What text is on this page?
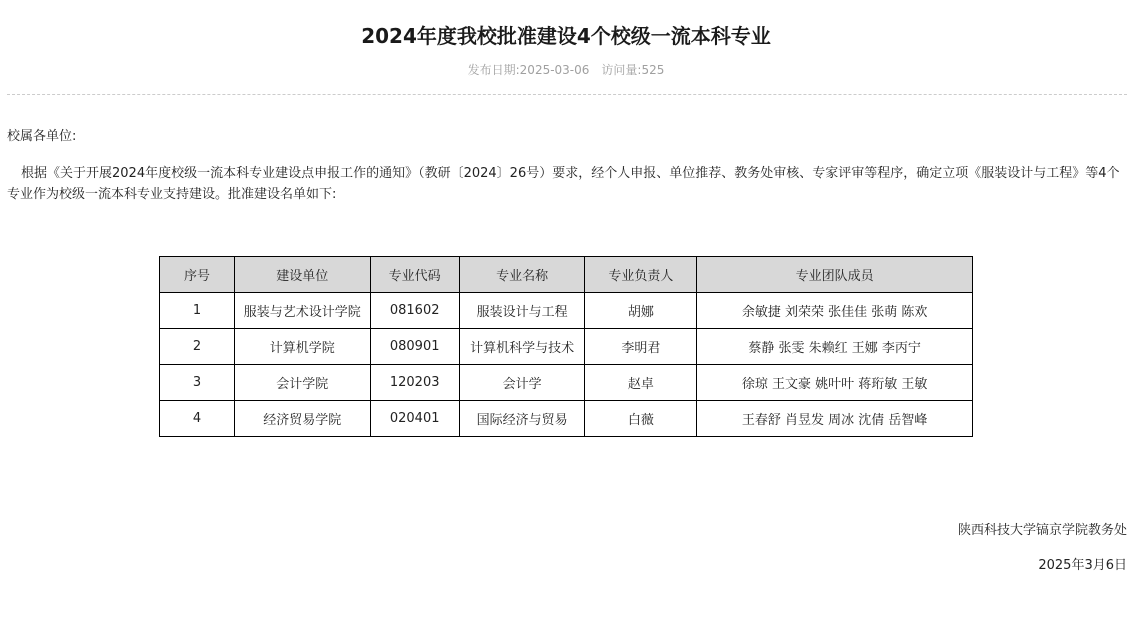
2024年度我校批准建设4个校级一流本科专业
发布日期:2025-03-06 访问量:525
校属各单位:
根据《关于开展2024年度校级一流本科专业建设点申报工作的通知》（教研〔2024〕26号）要求，经个人申报、单位推荐、教务处审核、专家评审等程序，确定立项《服装设计与工程》等4个专业作为校级一流本科专业支持建设。批准建设名单如下:
序号	建设单位	专业代码	专业名称	专业负责人	专业团队成员
1	服装与艺术设计学院	081602	服装设计与工程	胡娜	余敏捷 刘荣荣 张佳佳 张萌 陈欢
2	计算机学院	080901	计算机科学与技术	李明君	蔡静 张雯 朱赖红 王娜 李丙宁
3	会计学院	120203	会计学	赵卓	徐琼 王文豪 姚叶叶 蒋珩敏 王敏
4	经济贸易学院	020401	国际经济与贸易	白薇	王春舒 肖昱发 周冰 沈倩 岳智峰
陕西科技大学镐京学院教务处
2025年3月6日
